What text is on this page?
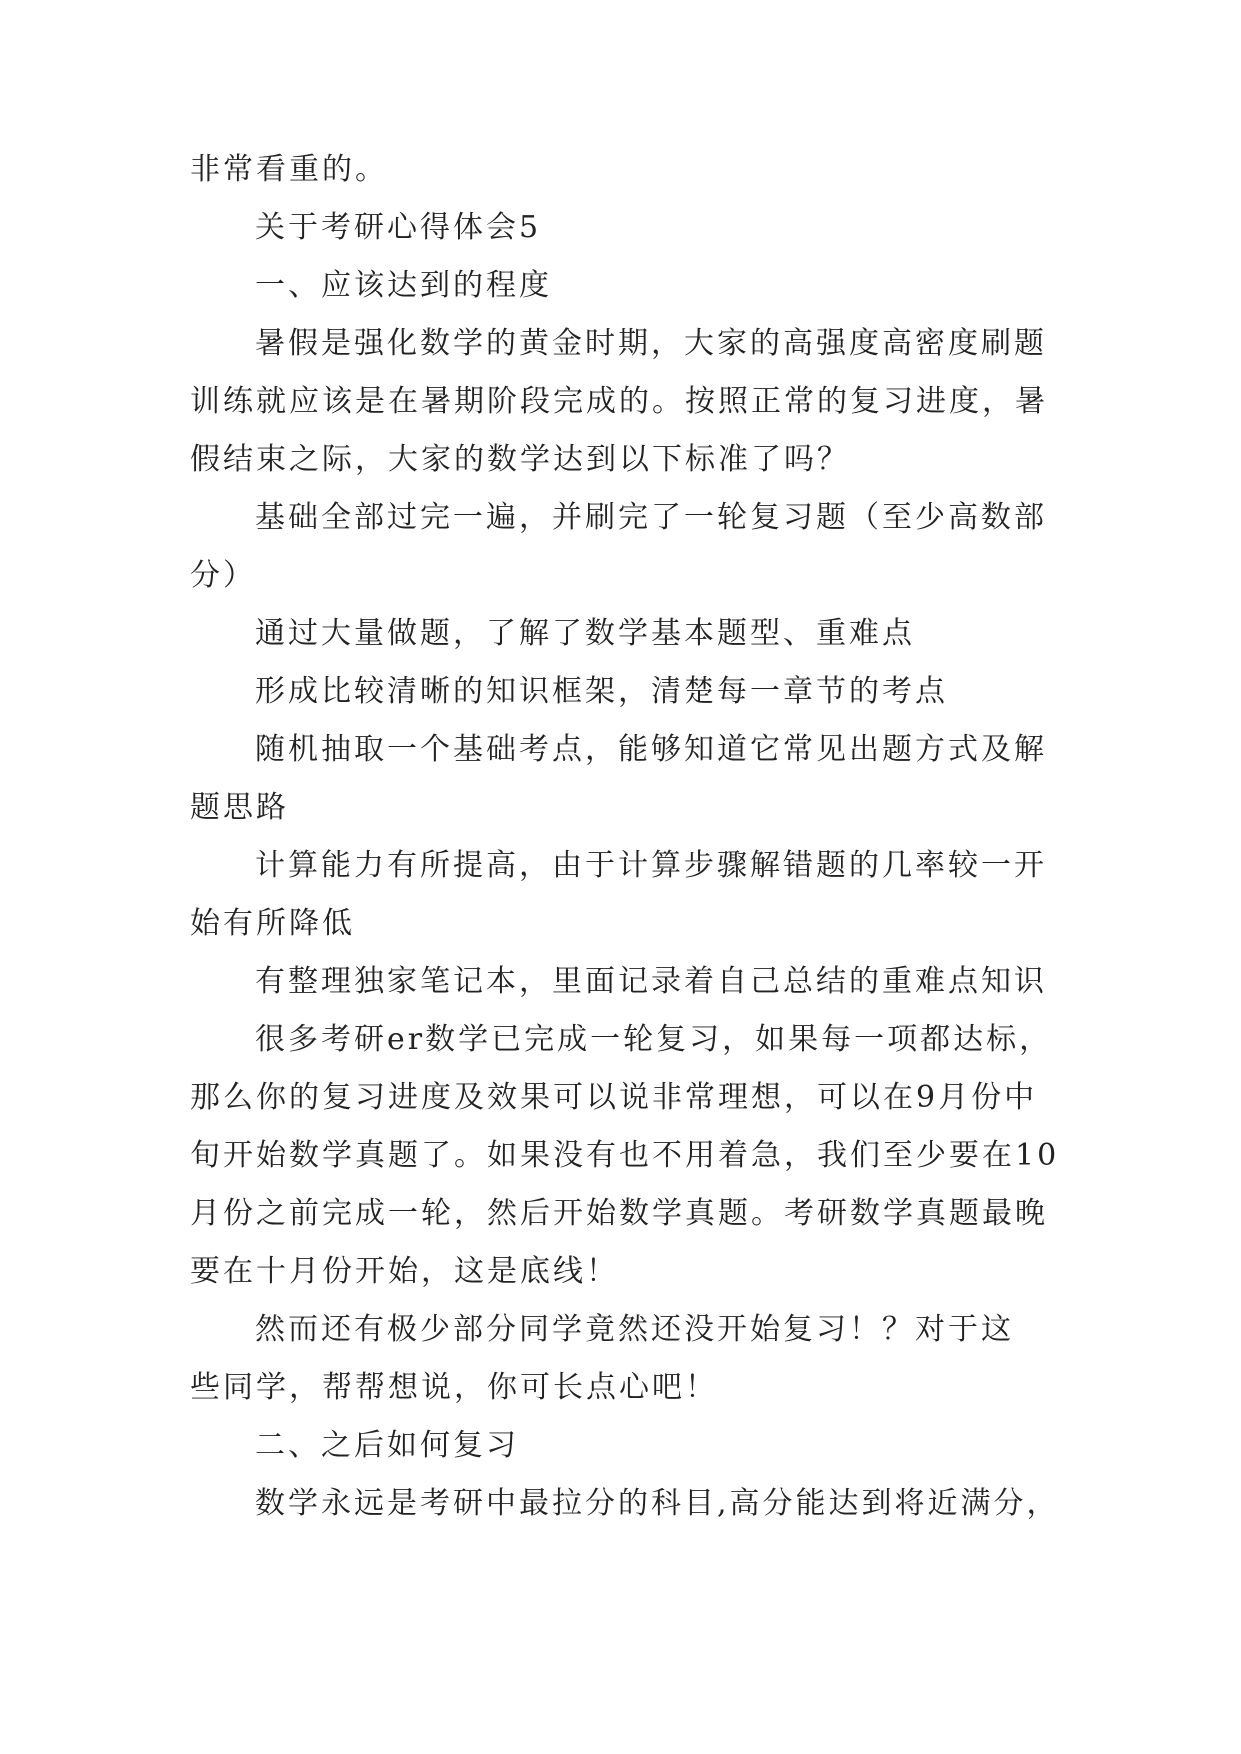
非常看重的。
关于考研心得体会5
一、应该达到的程度
暑假是强化数学的黄金时期，大家的高强度高密度刷题
训练就应该是在暑期阶段完成的。按照正常的复习进度，暑
假结束之际，大家的数学达到以下标准了吗？
基础全部过完一遍，并刷完了一轮复习题（至少高数部
分）
通过大量做题，了解了数学基本题型、重难点
形成比较清晰的知识框架，清楚每一章节的考点
随机抽取一个基础考点，能够知道它常见出题方式及解
题思路
计算能力有所提高，由于计算步骤解错题的几率较一开
始有所降低
有整理独家笔记本，里面记录着自己总结的重难点知识
很多考研er数学已完成一轮复习，如果每一项都达标，
那么你的复习进度及效果可以说非常理想，可以在9月份中
旬开始数学真题了。如果没有也不用着急，我们至少要在10
月份之前完成一轮，然后开始数学真题。考研数学真题最晚
要在十月份开始，这是底线！
然而还有极少部分同学竟然还没开始复习！？对于这
些同学，帮帮想说，你可长点心吧！
二、之后如何复习
数学永远是考研中最拉分的科目,高分能达到将近满分，
